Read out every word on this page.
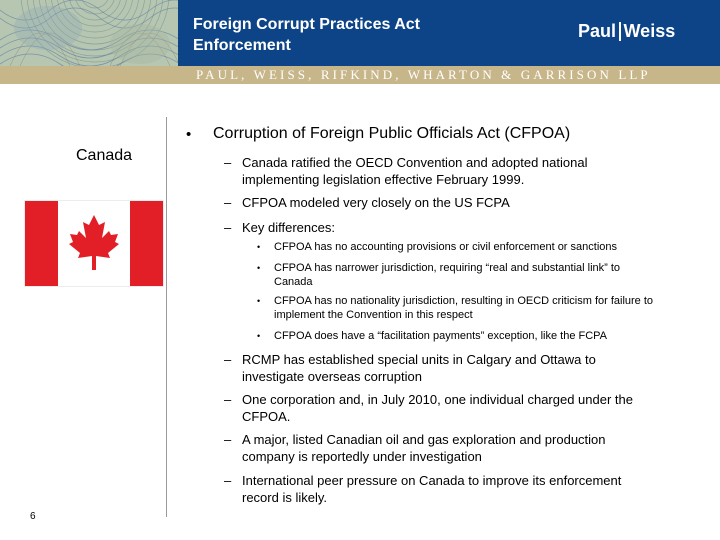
Foreign Corrupt Practices Act
Enforcement
Paul Weiss
PAUL, WEISS, RIFKIND, WHARTON & GARRISON LLP
Canada
6
• Corruption of Foreign Public Officials Act (CFPOA)
– Canada ratified the OECD Convention and adopted national
implementing legislation effective February 1999.
– CFPOA modeled very closely on the US FCPA
– Key differences:
• CFPOA has no accounting provisions or civil enforcement or sanctions
• CFPOA has narrower jurisdiction, requiring “real and substantial link” to
Canada
• CFPOA has no nationality jurisdiction, resulting in OECD criticism for failure to
implement the Convention in this respect
• CFPOA does have a “facilitation payments” exception, like the FCPA
– RCMP has established special units in Calgary and Ottawa to
investigate overseas corruption
– One corporation and, in July 2010, one individual charged under the
CFPOA.
– A major, listed Canadian oil and gas exploration and production
company is reportedly under investigation
– International peer pressure on Canada to improve its enforcement
record is likely.
